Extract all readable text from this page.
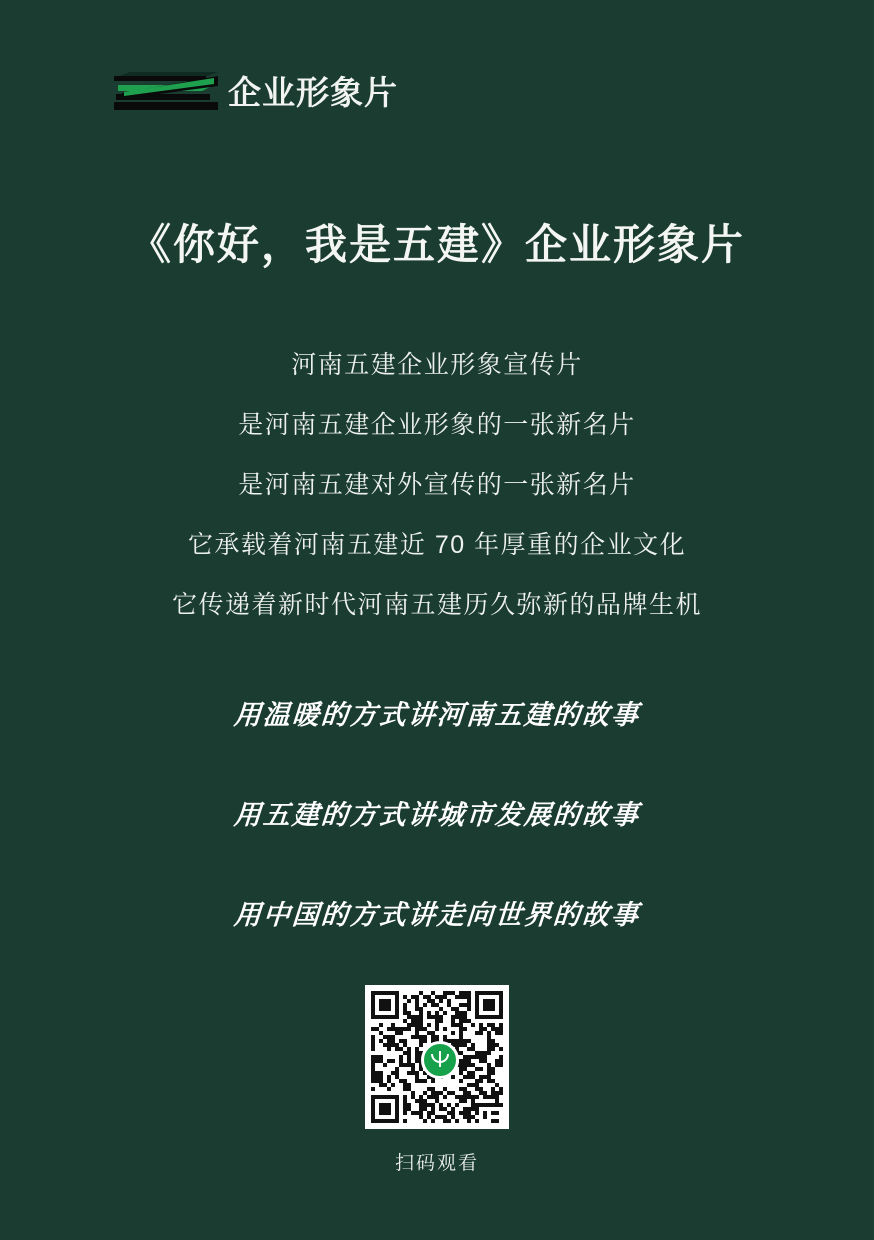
企业形象片
《你好，我是五建》企业形象片
河南五建企业形象宣传片
是河南五建企业形象的一张新名片
是河南五建对外宣传的一张新名片
它承载着河南五建近 70 年厚重的企业文化
它传递着新时代河南五建历久弥新的品牌生机
用温暖的方式讲河南五建的故事
用五建的方式讲城市发展的故事
用中国的方式讲走向世界的故事
扫码观看
